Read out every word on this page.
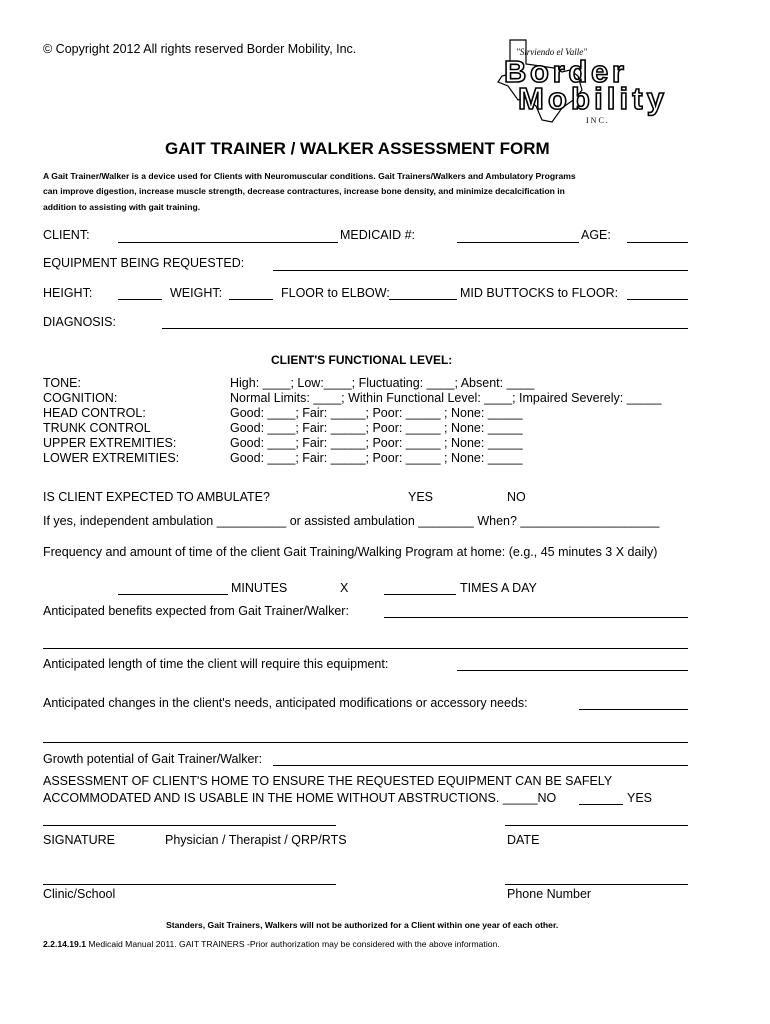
© Copyright 2012 All rights reserved Border Mobility, Inc.	"Sirviendo el Valle"
Border
Mobility
INC.
GAIT TRAINER / WALKER ASSESSMENT FORM
A Gait Trainer/Walker is a device used for Clients with Neuromuscular conditions. Gait Trainers/Walkers and Ambulatory Programs
can improve digestion, increase muscle strength, decrease contractures, increase bone density, and minimize decalcification in
addition to assisting with gait training.
CLIENT:	MEDICAID #:	AGE:
EQUIPMENT BEING REQUESTED:
HEIGHT:	WEIGHT:	FLOOR to ELBOW:	MID BUTTOCKS to FLOOR:
DIAGNOSIS:
CLIENT'S FUNCTIONAL LEVEL:
TONE:	High: ____; Low:____; Fluctuating: ____; Absent: ____
COGNITION:	Normal Limits: ____; Within Functional Level: ____; Impaired Severely: _____
HEAD CONTROL:	Good: ____; Fair: _____; Poor: _____ ; None: _____
TRUNK CONTROL	Good: ____; Fair: _____; Poor: _____ ; None: _____
UPPER EXTREMITIES:	Good: ____; Fair: _____; Poor: _____ ; None: _____
LOWER EXTREMITIES:	Good: ____; Fair: _____; Poor: _____ ; None: _____
IS CLIENT EXPECTED TO AMBULATE?	YES	NO
If yes, independent ambulation __________ or assisted ambulation ________ When? ____________________
Frequency and amount of time of the client Gait Training/Walking Program at home: (e.g., 45 minutes 3 X daily)
MINUTES	X	TIMES A DAY
Anticipated benefits expected from Gait Trainer/Walker:
Anticipated length of time the client will require this equipment:
Anticipated changes in the client's needs, anticipated modifications or accessory needs:
Growth potential of Gait Trainer/Walker:
ASSESSMENT OF CLIENT'S HOME TO ENSURE THE REQUESTED EQUIPMENT CAN BE SAFELY
ACCOMMODATED AND IS USABLE IN THE HOME WITHOUT ABSTRUCTIONS. _____NO	YES
SIGNATURE	Physician / Therapist / QRP/RTS	DATE
Clinic/School	Phone Number
Standers, Gait Trainers, Walkers will not be authorized for a Client within one year of each other.
2.2.14.19.1 Medicaid Manual 2011. GAIT TRAINERS -Prior authorization may be considered with the above information.
